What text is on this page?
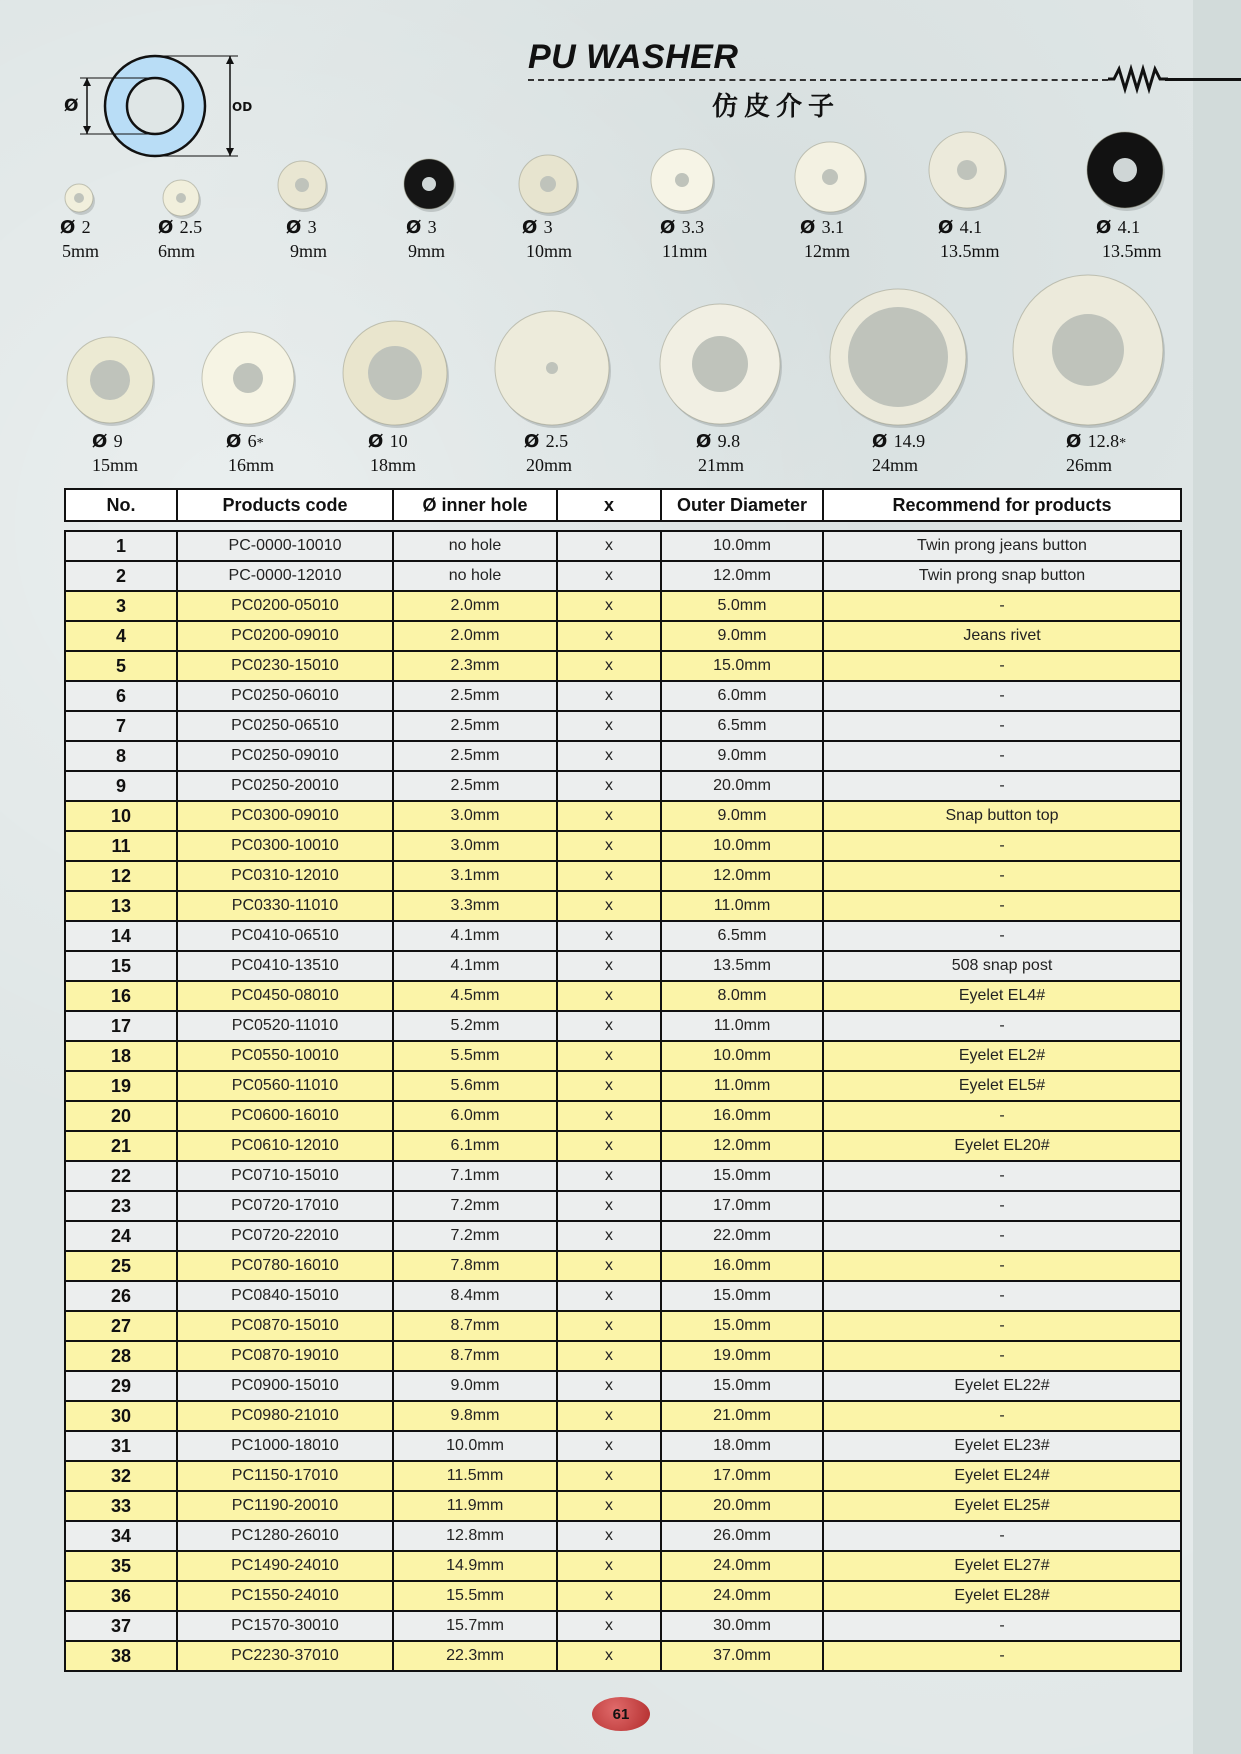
Ø	OD
PU WASHER
仿皮介子
Ø 2
5mm
Ø 2.5
6mm
Ø 3
9mm
Ø 3
9mm
Ø 3
10mm
Ø 3.3
11mm
Ø 3.1
12mm
Ø 4.1
13.5mm
Ø 4.1
13.5mm
Ø 9
15mm
Ø 6*
16mm
Ø 10
18mm
Ø 2.5
20mm
Ø 9.8
21mm
Ø 14.9
24mm
Ø 12.8*
26mm
No.	Products code	Ø inner hole	x	Outer Diameter	Recommend for products
1	PC-0000-10010	no hole	x	10.0mm	Twin prong jeans button
2	PC-0000-12010	no hole	x	12.0mm	Twin prong snap button
3	PC0200-05010	2.0mm	x	5.0mm	-
4	PC0200-09010	2.0mm	x	9.0mm	Jeans rivet
5	PC0230-15010	2.3mm	x	15.0mm	-
6	PC0250-06010	2.5mm	x	6.0mm	-
7	PC0250-06510	2.5mm	x	6.5mm	-
8	PC0250-09010	2.5mm	x	9.0mm	-
9	PC0250-20010	2.5mm	x	20.0mm	-
10	PC0300-09010	3.0mm	x	9.0mm	Snap button top
11	PC0300-10010	3.0mm	x	10.0mm	-
12	PC0310-12010	3.1mm	x	12.0mm	-
13	PC0330-11010	3.3mm	x	11.0mm	-
14	PC0410-06510	4.1mm	x	6.5mm	-
15	PC0410-13510	4.1mm	x	13.5mm	508 snap post
16	PC0450-08010	4.5mm	x	8.0mm	Eyelet EL4#
17	PC0520-11010	5.2mm	x	11.0mm	-
18	PC0550-10010	5.5mm	x	10.0mm	Eyelet EL2#
19	PC0560-11010	5.6mm	x	11.0mm	Eyelet EL5#
20	PC0600-16010	6.0mm	x	16.0mm	-
21	PC0610-12010	6.1mm	x	12.0mm	Eyelet EL20#
22	PC0710-15010	7.1mm	x	15.0mm	-
23	PC0720-17010	7.2mm	x	17.0mm	-
24	PC0720-22010	7.2mm	x	22.0mm	-
25	PC0780-16010	7.8mm	x	16.0mm	-
26	PC0840-15010	8.4mm	x	15.0mm	-
27	PC0870-15010	8.7mm	x	15.0mm	-
28	PC0870-19010	8.7mm	x	19.0mm	-
29	PC0900-15010	9.0mm	x	15.0mm	Eyelet EL22#
30	PC0980-21010	9.8mm	x	21.0mm	-
31	PC1000-18010	10.0mm	x	18.0mm	Eyelet EL23#
32	PC1150-17010	11.5mm	x	17.0mm	Eyelet EL24#
33	PC1190-20010	11.9mm	x	20.0mm	Eyelet EL25#
34	PC1280-26010	12.8mm	x	26.0mm	-
35	PC1490-24010	14.9mm	x	24.0mm	Eyelet EL27#
36	PC1550-24010	15.5mm	x	24.0mm	Eyelet EL28#
37	PC1570-30010	15.7mm	x	30.0mm	-
38	PC2230-37010	22.3mm	x	37.0mm	-
61
